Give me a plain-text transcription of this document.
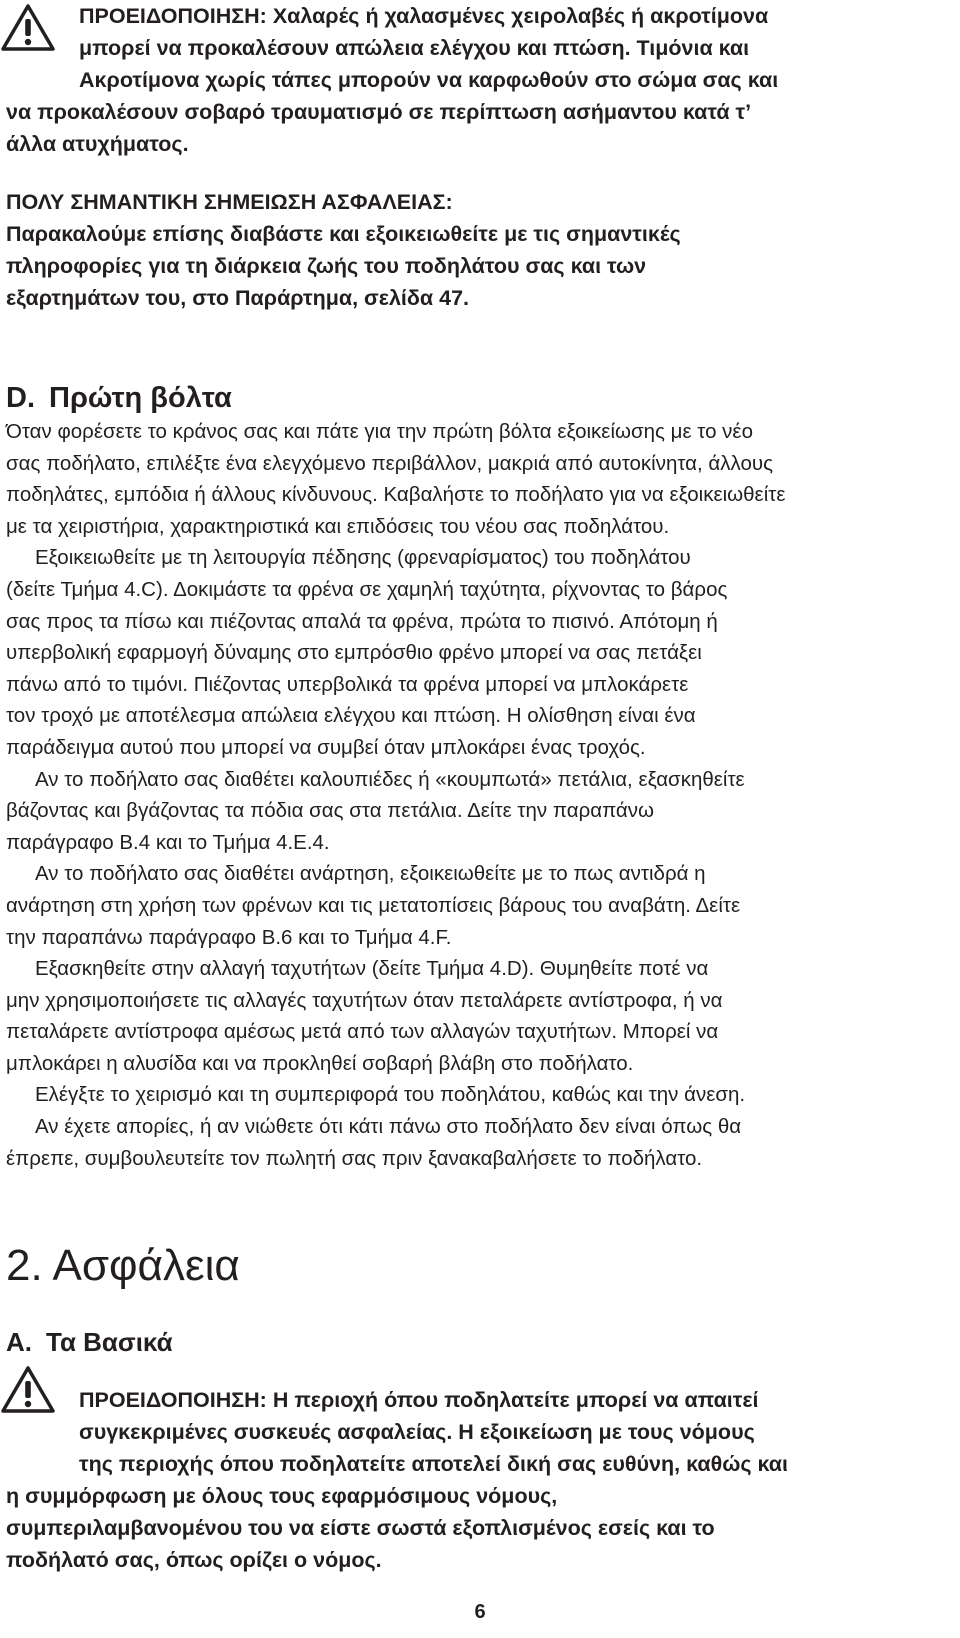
ΠΡΟΕΙΔΟΠΟΙΗΣΗ: Χαλαρές ή χαλασμένες χειρολαβές ή ακροτίμονα
μπορεί να προκαλέσουν απώλεια ελέγχου και πτώση. Τιμόνια και
Ακροτίμονα χωρίς τάπες μπορούν να καρφωθούν στο σώμα σας και
να προκαλέσουν σοβαρό τραυματισμό σε περίπτωση ασήμαντου κατά τ’
άλλα ατυχήματος.
ΠΟΛΥ ΣΗΜΑΝΤΙΚΗ ΣΗΜΕΙΩΣΗ ΑΣΦΑΛΕΙΑΣ:
Παρακαλούμε επίσης διαβάστε και εξοικειωθείτε με τις σημαντικές
πληροφορίες για τη διάρκεια ζωής του ποδηλάτου σας και των
εξαρτημάτων του, στο Παράρτημα, σελίδα 47.
D. Πρώτη βόλτα
Όταν φορέσετε το κράνος σας και πάτε για την πρώτη βόλτα εξοικείωσης με το νέο
σας ποδήλατο, επιλέξτε ένα ελεγχόμενο περιβάλλον, μακριά από αυτοκίνητα, άλλους
ποδηλάτες, εμπόδια ή άλλους κίνδυνους. Καβαλήστε το ποδήλατο για να εξοικειωθείτε
με τα χειριστήρια, χαρακτηριστικά και επιδόσεις του νέου σας ποδηλάτου.
Εξοικειωθείτε με τη λειτουργία πέδησης (φρεναρίσματος) του ποδηλάτου
(δείτε Τμήμα 4.C). Δοκιμάστε τα φρένα σε χαμηλή ταχύτητα, ρίχνοντας το βάρος
σας προς τα πίσω και πιέζοντας απαλά τα φρένα, πρώτα το πισινό. Απότομη ή
υπερβολική εφαρμογή δύναμης στο εμπρόσθιο φρένο μπορεί να σας πετάξει
πάνω από το τιμόνι. Πιέζοντας υπερβολικά τα φρένα μπορεί να μπλοκάρετε
τον τροχό με αποτέλεσμα απώλεια ελέγχου και πτώση. Η ολίσθηση είναι ένα
παράδειγμα αυτού που μπορεί να συμβεί όταν μπλοκάρει ένας τροχός.
Αν το ποδήλατο σας διαθέτει καλουπιέδες ή «κουμπωτά» πετάλια, εξασκηθείτε
βάζοντας και βγάζοντας τα πόδια σας στα πετάλια. Δείτε την παραπάνω
παράγραφο B.4 και το Τμήμα 4.E.4.
Αν το ποδήλατο σας διαθέτει ανάρτηση, εξοικειωθείτε με το πως αντιδρά η
ανάρτηση στη χρήση των φρένων και τις μετατοπίσεις βάρους του αναβάτη. Δείτε
την παραπάνω παράγραφο B.6 και το Τμήμα 4.F.
Εξασκηθείτε στην αλλαγή ταχυτήτων (δείτε Τμήμα 4.D). Θυμηθείτε ποτέ να
μην χρησιμοποιήσετε τις αλλαγές ταχυτήτων όταν πεταλάρετε αντίστροφα, ή να
πεταλάρετε αντίστροφα αμέσως μετά από των αλλαγών ταχυτήτων. Μπορεί να
μπλοκάρει η αλυσίδα και να προκληθεί σοβαρή βλάβη στο ποδήλατο.
Ελέγξτε το χειρισμό και τη συμπεριφορά του ποδηλάτου, καθώς και την άνεση.
Αν έχετε απορίες, ή αν νιώθετε ότι κάτι πάνω στο ποδήλατο δεν είναι όπως θα
έπρεπε, συμβουλευτείτε τον πωλητή σας πριν ξανακαβαλήσετε το ποδήλατο.
2. Ασφάλεια
A. Τα Βασικά
ΠΡΟΕΙΔΟΠΟΙΗΣΗ: Η περιοχή όπου ποδηλατείτε μπορεί να απαιτεί
συγκεκριμένες συσκευές ασφαλείας. Η εξοικείωση με τους νόμους
της περιοχής όπου ποδηλατείτε αποτελεί δική σας ευθύνη, καθώς και
η συμμόρφωση με όλους τους εφαρμόσιμους νόμους,
συμπεριλαμβανομένου του να είστε σωστά εξοπλισμένος εσείς και το
ποδήλατό σας, όπως ορίζει ο νόμος.
6
